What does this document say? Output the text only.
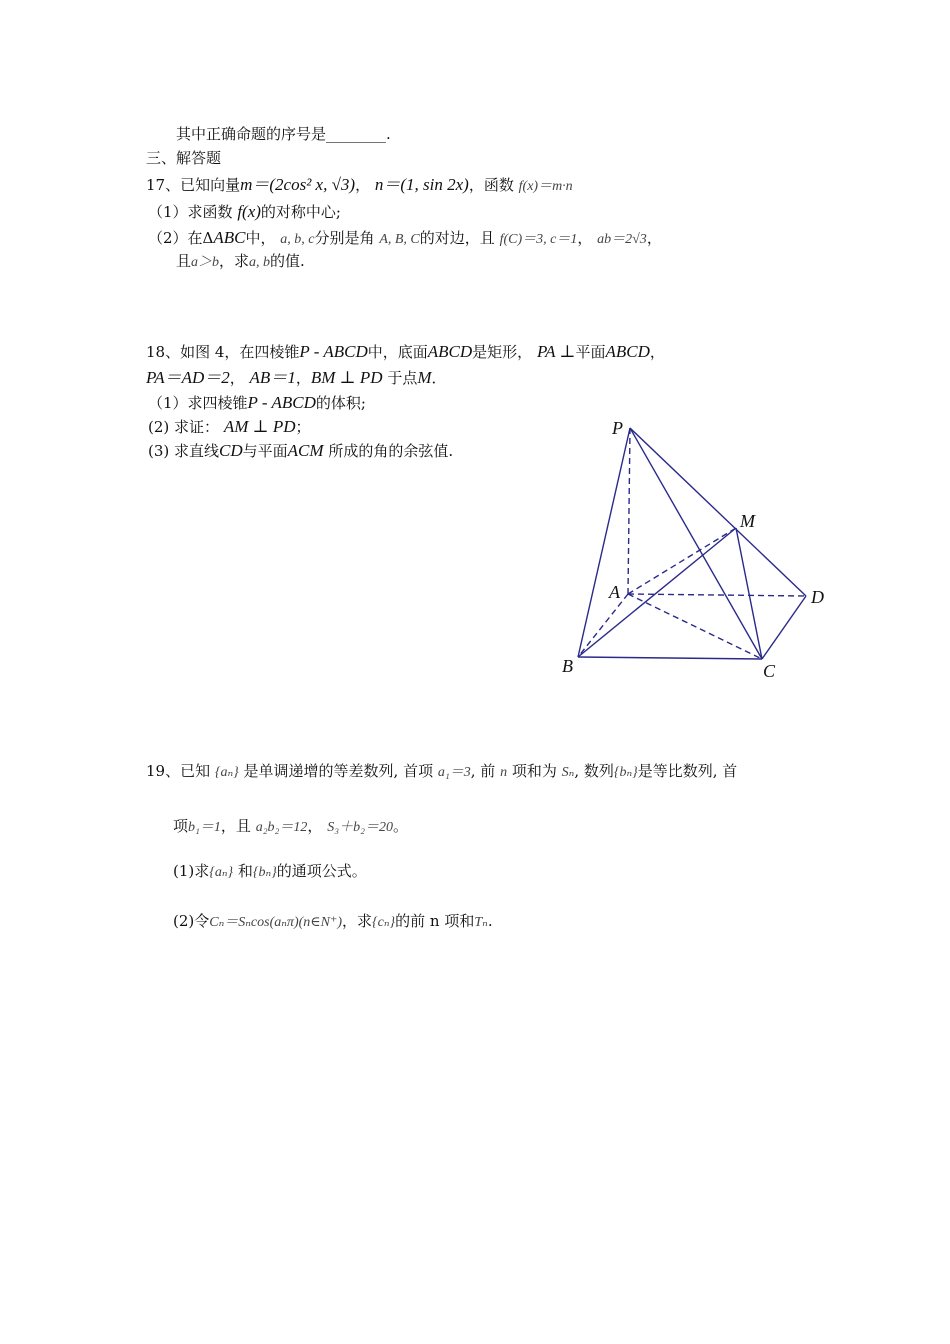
其中正确命题的序号是________.
三、解答题
17、已知向量m＝(2cos² x, √3)， n＝(1, sin 2x)，函数 f(x)＝m·n
（1）求函数 f(x)的对称中心;
（2）在ΔABC中， a, b, c分别是角 A, B, C的对边，且 f(C)＝3, c＝1， ab＝2√3，
且a＞b，求a, b的值.
18、如图 4，在四棱锥P - ABCD中，底面ABCD是矩形， PA ⊥平面ABCD，
PA＝AD＝2， AB＝1，BM ⊥ PD 于点M．
（1）求四棱锥P - ABCD的体积;
(2) 求证： AM ⊥ PD；
(3) 求直线CD与平面ACM 所成的角的余弦值.
P
M
A	D
B	C
19、已知 {aₙ} 是单调递增的等差数列, 首项 a₁＝3, 前 n 项和为 Sₙ, 数列{bₙ}是等比数列, 首
项b₁＝1，且 a₂b₂＝12， S₃＋b₂＝20。
(1)求{aₙ} 和{bₙ}的通项公式。
(2)令Cₙ＝Sₙcos(aₙπ)(n∈N⁺)，求{cₙ}的前 n 项和Tₙ.
